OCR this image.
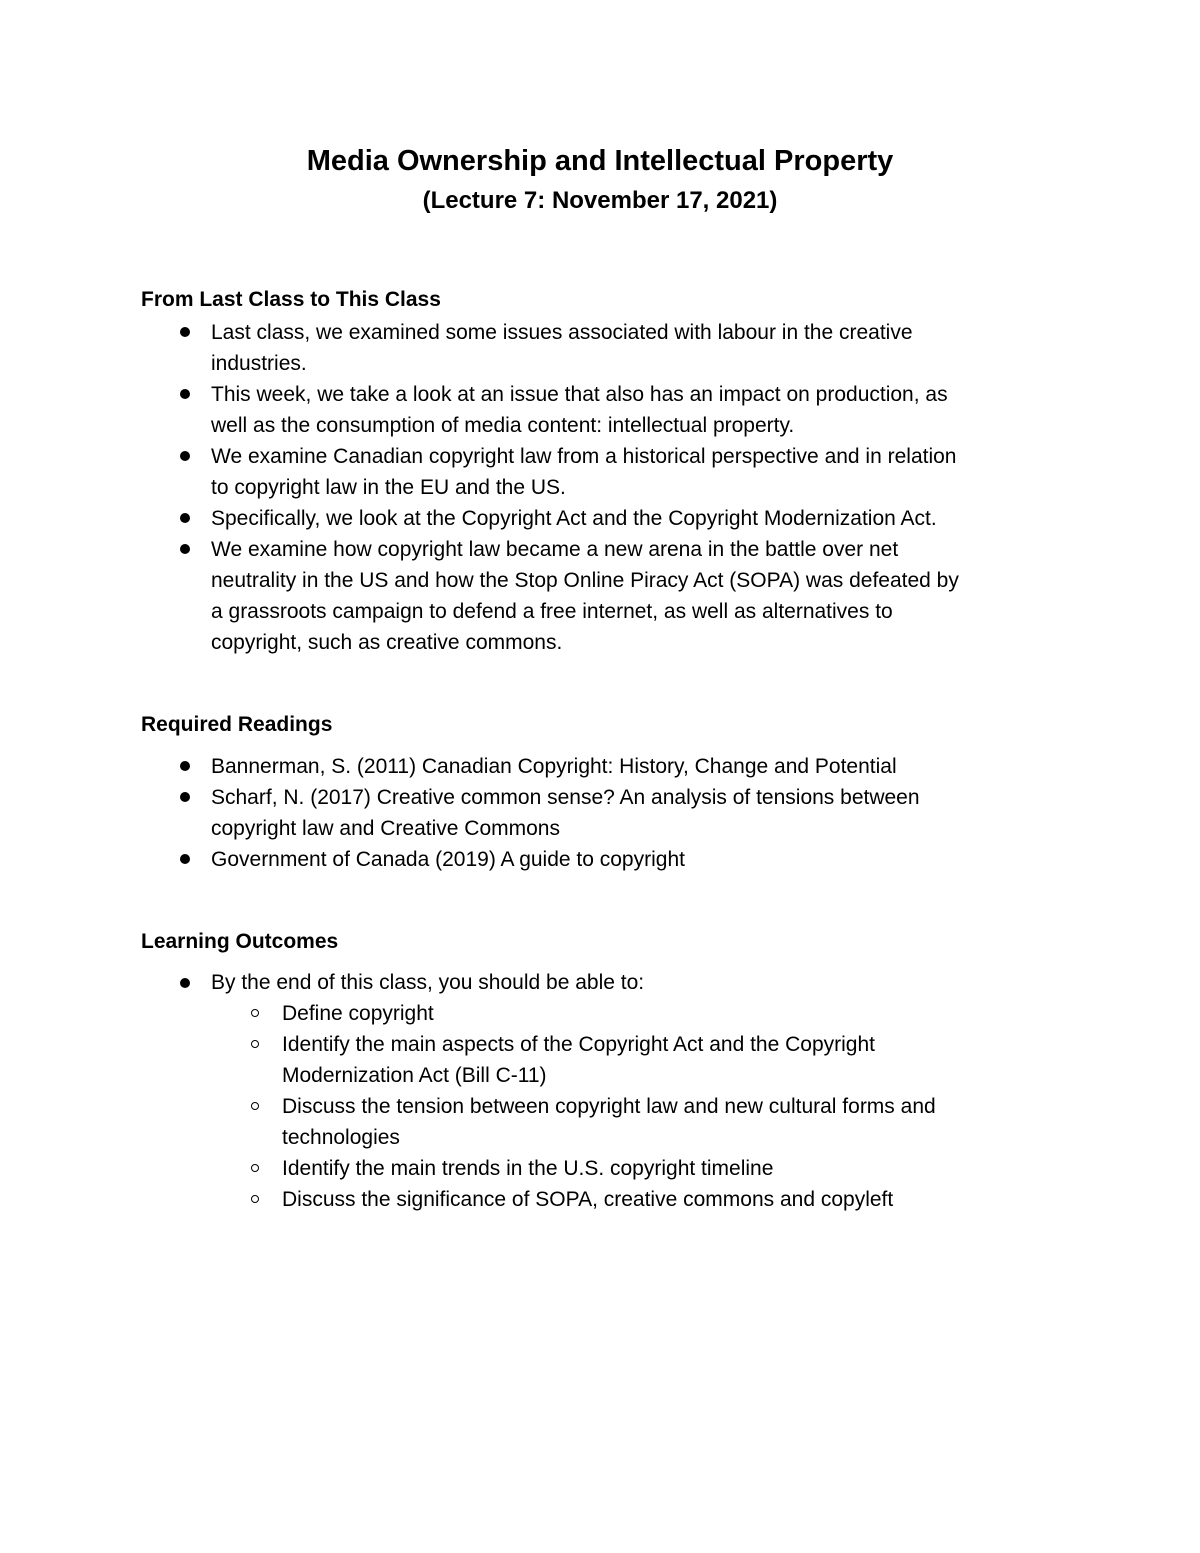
Media Ownership and Intellectual Property
(Lecture 7: November 17, 2021)
From Last Class to This Class

Last class, we examined some issues associated with labour in the creative

industries.

This week, we take a look at an issue that also has an impact on production, as

well as the consumption of media content: intellectual property.

We examine Canadian copyright law from a historical perspective and in relation

to copyright law in the EU and the US.

Specifically, we look at the Copyright Act and the Copyright Modernization Act.

We examine how copyright law became a new arena in the battle over net

neutrality in the US and how the Stop Online Piracy Act (SOPA) was defeated by

a grassroots campaign to defend a free internet, as well as alternatives to

copyright, such as creative commons.

Required Readings

Bannerman, S. (2011) Canadian Copyright: History, Change and Potential

Scharf, N. (2017) Creative common sense? An analysis of tensions between

copyright law and Creative Commons

Government of Canada (2019) A guide to copyright

Learning Outcomes

By the end of this class, you should be able to:

Define copyright

Identify the main aspects of the Copyright Act and the Copyright

Modernization Act (Bill C-11)

Discuss the tension between copyright law and new cultural forms and

technologies

Identify the main trends in the U.S. copyright timeline

Discuss the significance of SOPA, creative commons and copyleft
